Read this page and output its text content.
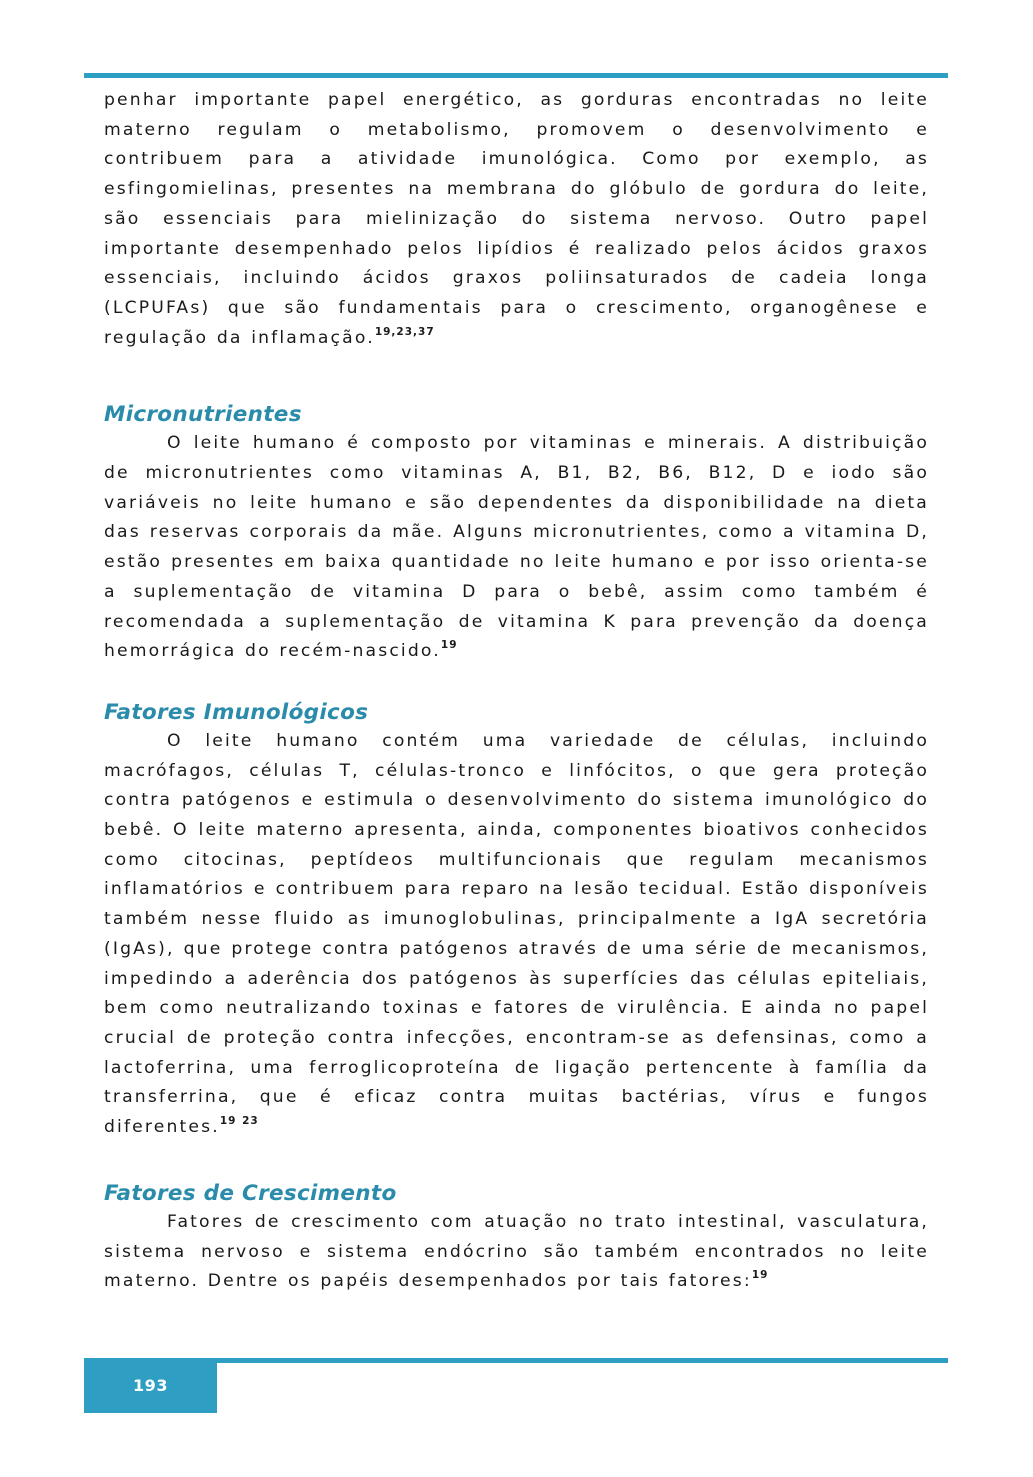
penhar importante papel energético, as gorduras encontradas no leite materno regulam o metabolismo, promovem o desenvolvimento e contribuem para a atividade imunológica. Como por exemplo, as esfingomielinas, presentes na membrana do glóbulo de gordura do leite, são essenciais para mielinização do sistema nervoso. Outro papel importante desempenhado pelos lipídios é realizado pelos ácidos graxos essenciais, incluindo ácidos graxos poliinsaturados de cadeia longa (LCPUFAs) que são fundamentais para o crescimento, organogênese e regulação da inflamação.$^{19,23,37}$

Micronutrientes

O leite humano é composto por vitaminas e minerais. A distribuição de micronutrientes como vitaminas A, B1, B2, B6, B12, D e iodo são variáveis no leite humano e são dependentes da disponibilidade na dieta das reservas corporais da mãe. Alguns micronutrientes, como a vitamina D, estão presentes em baixa quantidade no leite humano e por isso orienta-se a suplementação de vitamina D para o bebê, assim como também é recomendada a suplementação de vitamina K para prevenção da doença hemorrágica do recém-nascido.$^{19}$

Fatores Imunológicos

O leite humano contém uma variedade de células, incluindo macrófagos, células T, células-tronco e linfócitos, o que gera proteção contra patógenos e estimula o desenvolvimento do sistema imunológico do bebê. O leite materno apresenta, ainda, componentes bioativos conhecidos como citocinas, peptídeos multifuncionais que regulam mecanismos inflamatórios e contribuem para reparo na lesão tecidual. Estão disponíveis também nesse fluido as imunoglobulinas, principalmente a IgA secretória (IgAs), que protege contra patógenos através de uma série de mecanismos, impedindo a aderência dos patógenos às superfícies das células epiteliais, bem como neutralizando toxinas e fatores de virulência. E ainda no papel crucial de proteção contra infecções, encontram-se as defensinas, como a lactoferrina, uma ferroglicoproteína de ligação pertencente à família da transferrina, que é eficaz contra muitas bactérias, vírus e fungos diferentes.$^{19 23}$

Fatores de Crescimento

Fatores de crescimento com atuação no trato intestinal, vasculatura, sistema nervoso e sistema endócrino são também encontrados no leite materno. Dentre os papéis desempenhados por tais fatores:$^{19}$

193
